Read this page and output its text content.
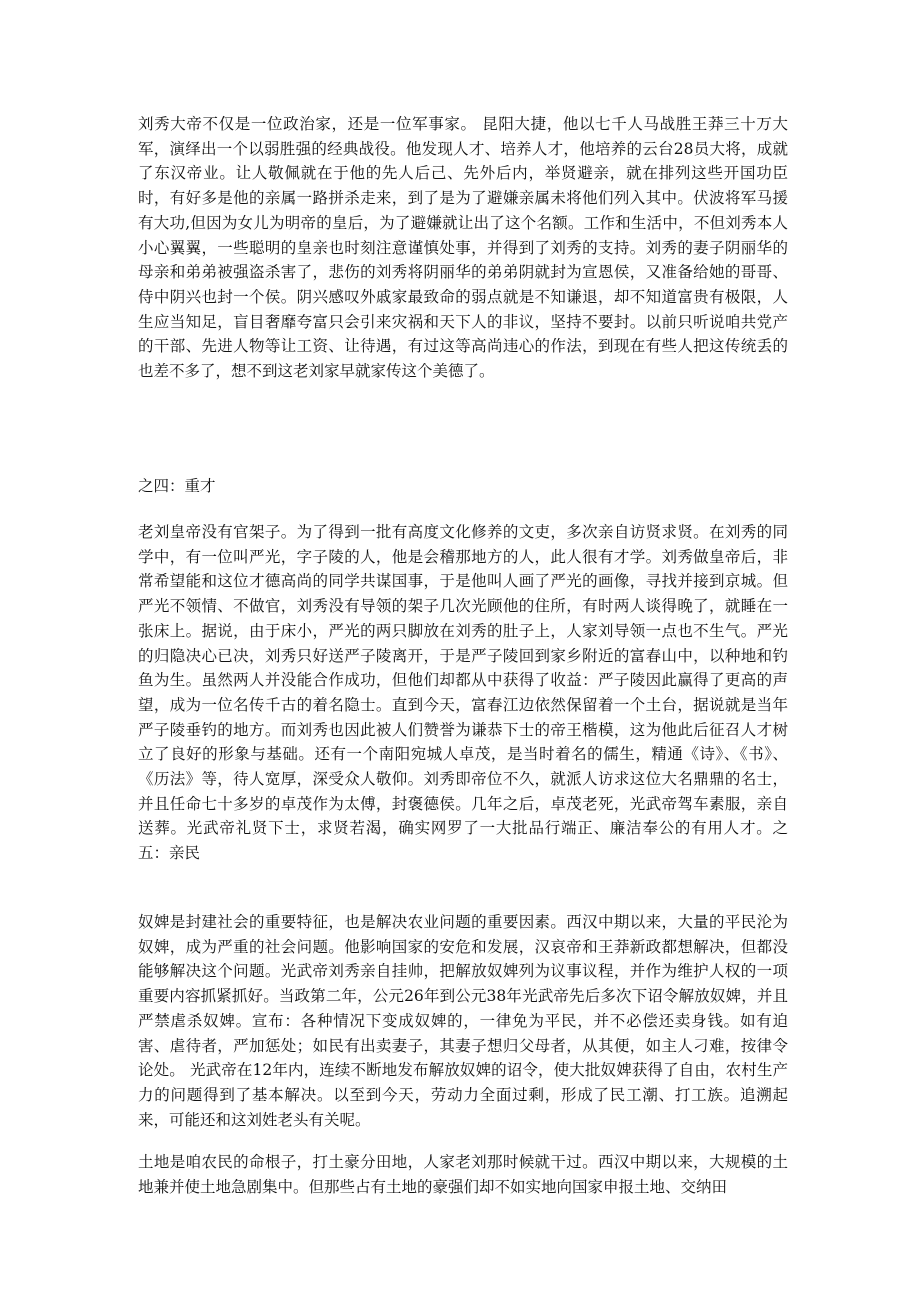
刘秀大帝不仅是一位政治家，还是一位军事家。 昆阳大捷，他以七千人马战胜王莽三十万大军，演绎出一个以弱胜强的经典战役。他发现人才、培养人才，他培养的云台28员大将，成就了东汉帝业。让人敬佩就在于他的先人后己、先外后内，举贤避亲，就在排列这些开国功臣时，有好多是他的亲属一路拼杀走来，到了是为了避嫌亲属未将他们列入其中。伏波将军马援有大功,但因为女儿为明帝的皇后，为了避嫌就让出了这个名额。工作和生活中，不但刘秀本人小心翼翼，一些聪明的皇亲也时刻注意谨慎处事，并得到了刘秀的支持。刘秀的妻子阴丽华的母亲和弟弟被强盗杀害了，悲伤的刘秀将阴丽华的弟弟阴就封为宣恩侯，又准备给她的哥哥、侍中阴兴也封一个侯。阴兴感叹外戚家最致命的弱点就是不知谦退，却不知道富贵有极限，人生应当知足，盲目奢靡夸富只会引来灾祸和天下人的非议，坚持不要封。以前只听说咱共党产的干部、先进人物等让工资、让待遇，有过这等高尚违心的作法，到现在有些人把这传统丢的也差不多了，想不到这老刘家早就家传这个美德了。

之四：重才

老刘皇帝没有官架子。为了得到一批有高度文化修养的文吏，多次亲自访贤求贤。在刘秀的同学中，有一位叫严光，字子陵的人，他是会稽那地方的人，此人很有才学。刘秀做皇帝后，非常希望能和这位才德高尚的同学共谋国事，于是他叫人画了严光的画像，寻找并接到京城。但严光不领情、不做官，刘秀没有导领的架子几次光顾他的住所，有时两人谈得晚了，就睡在一张床上。据说，由于床小，严光的两只脚放在刘秀的肚子上，人家刘导领一点也不生气。严光的归隐决心已决，刘秀只好送严子陵离开，于是严子陵回到家乡附近的富春山中，以种地和钓鱼为生。虽然两人并没能合作成功，但他们却都从中获得了收益：严子陵因此赢得了更高的声望，成为一位名传千古的着名隐士。直到今天，富春江边依然保留着一个土台，据说就是当年严子陵垂钓的地方。而刘秀也因此被人们赞誉为谦恭下士的帝王楷模，这为他此后征召人才树立了良好的形象与基础。还有一个南阳宛城人卓茂，是当时着名的儒生，精通《诗》、《书》、《历法》等，待人宽厚，深受众人敬仰。刘秀即帝位不久，就派人访求这位大名鼎鼎的名士，并且任命七十多岁的卓茂作为太傅，封褒德侯。几年之后，卓茂老死，光武帝驾车素服，亲自送葬。光武帝礼贤下士，求贤若渴，确实网罗了一大批品行端正、廉洁奉公的有用人才。之五：亲民

奴婢是封建社会的重要特征，也是解决农业问题的重要因素。西汉中期以来，大量的平民沦为奴婢，成为严重的社会问题。他影响国家的安危和发展，汉哀帝和王莽新政都想解决，但都没能够解决这个问题。光武帝刘秀亲自挂帅，把解放奴婢列为议事议程，并作为维护人权的一项重要内容抓紧抓好。当政第二年，公元26年到公元38年光武帝先后多次下诏令解放奴婢，并且严禁虐杀奴婢。宣布：各种情况下变成奴婢的，一律免为平民，并不必偿还卖身钱。如有迫害、虐待者，严加惩处；如民有出卖妻子，其妻子想归父母者，从其便，如主人刁难，按律令论处。 光武帝在12年内，连续不断地发布解放奴婢的诏令，使大批奴婢获得了自由，农村生产力的问题得到了基本解决。以至到今天，劳动力全面过剩，形成了民工潮、打工族。追溯起来，可能还和这刘姓老头有关呢。

土地是咱农民的命根子，打土豪分田地，人家老刘那时候就干过。西汉中期以来，大规模的土地兼并使土地急剧集中。但那些占有土地的豪强们却不如实地向国家申报土地、交纳田
